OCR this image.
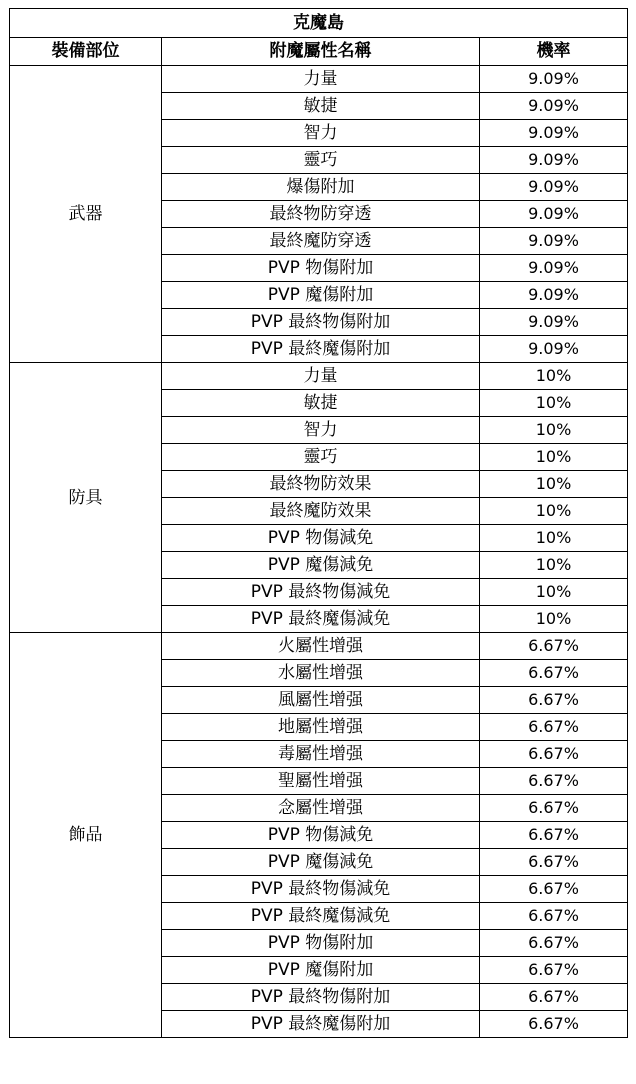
克魔島		
裝備部位	附魔屬性名稱	機率
武器	力量	9.09%
	敏捷	9.09%
	智力	9.09%
	靈巧	9.09%
	爆傷附加	9.09%
	最終物防穿透	9.09%
	最終魔防穿透	9.09%
	PVP 物傷附加	9.09%
	PVP 魔傷附加	9.09%
	PVP 最終物傷附加	9.09%
	PVP 最終魔傷附加	9.09%
防具	力量	10%
	敏捷	10%
	智力	10%
	靈巧	10%
	最終物防效果	10%
	最終魔防效果	10%
	PVP 物傷減免	10%
	PVP 魔傷減免	10%
	PVP 最終物傷減免	10%
	PVP 最終魔傷減免	10%
飾品	火屬性增强	6.67%
	水屬性增强	6.67%
	風屬性增强	6.67%
	地屬性增强	6.67%
	毒屬性增强	6.67%
	聖屬性增强	6.67%
	念屬性增强	6.67%
	PVP 物傷減免	6.67%
	PVP 魔傷減免	6.67%
	PVP 最終物傷減免	6.67%
	PVP 最終魔傷減免	6.67%
	PVP 物傷附加	6.67%
	PVP 魔傷附加	6.67%
	PVP 最終物傷附加	6.67%
	PVP 最終魔傷附加	6.67%
